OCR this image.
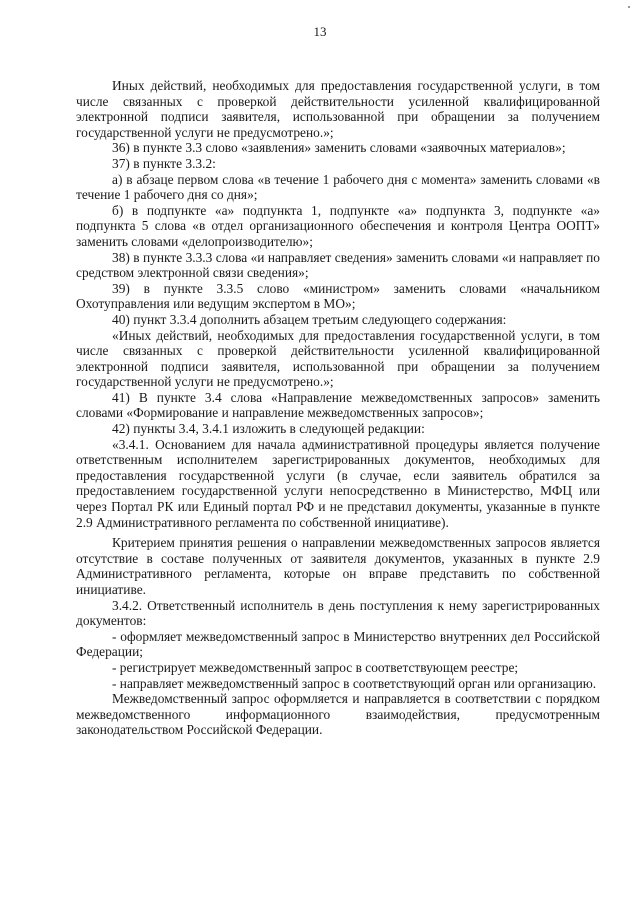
13

Иных действий, необходимых для предоставления государственной услуги, в том числе связанных с проверкой действительности усиленной квалифицированной электронной подписи заявителя, использованной при обращении за получением государственной услуги не предусмотрено.»;

36) в пункте 3.3 слово «заявления» заменить словами «заявочных материалов»;

37) в пункте 3.3.2:

а) в абзаце первом слова «в течение 1 рабочего дня с момента» заменить словами «в течение 1 рабочего дня со дня»;

б) в подпункте «а» подпункта 1, подпункте «а» подпункта 3, подпункте «а» подпункта 5 слова «в отдел организационного обеспечения и контроля Центра ООПТ» заменить словами «делопроизводителю»;

38) в пункте 3.3.3 слова «и направляет сведения» заменить словами «и направляет по средством электронной связи сведения»;

39) в пункте 3.3.5 слово «министром» заменить словами «начальником Охотуправления или ведущим экспертом в МО»;

40) пункт 3.3.4 дополнить абзацем третьим следующего содержания:

«Иных действий, необходимых для предоставления государственной услуги, в том числе связанных с проверкой действительности усиленной квалифицированной электронной подписи заявителя, использованной при обращении за получением государственной услуги не предусмотрено.»;

41) В пункте 3.4 слова «Направление межведомственных запросов» заменить словами «Формирование и направление межведомственных запросов»;

42) пункты 3.4, 3.4.1 изложить в следующей редакции:

«3.4.1. Основанием для начала административной процедуры является получение ответственным исполнителем зарегистрированных документов, необходимых для предоставления государственной услуги (в случае, если заявитель обратился за предоставлением государственной услуги непосредственно в Министерство, МФЦ или через Портал РК или Единый портал РФ и не представил документы, указанные в пункте 2.9 Административного регламента по собственной инициативе).

Критерием принятия решения о направлении межведомственных запросов является отсутствие в составе полученных от заявителя документов, указанных в пункте 2.9 Административного регламента, которые он вправе представить по собственной инициативе.

3.4.2. Ответственный исполнитель в день поступления к нему зарегистрированных документов:

- оформляет межведомственный запрос в Министерство внутренних дел Российской Федерации;

- регистрирует межведомственный запрос в соответствующем реестре;

- направляет межведомственный запрос в соответствующий орган или организацию.

Межведомственный запрос оформляется и направляется в соответствии с порядком межведомственного информационного взаимодействия, предусмотренным законодательством Российской Федерации.
